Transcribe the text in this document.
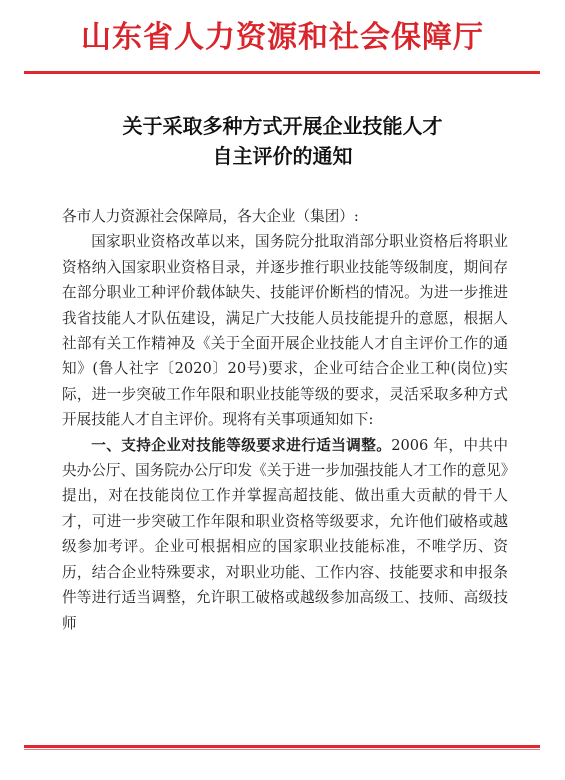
山东省人力资源和社会保障厅
关于采取多种方式开展企业技能人才
自主评价的通知

各市人力资源社会保障局，各大企业（集团）:

国家职业资格改革以来，国务院分批取消部分职业资格后将职业资格纳入国家职业资格目录，并逐步推行职业技能等级制度，期间存在部分职业工种评价载体缺失、技能评价断档的情况。为进一步推进我省技能人才队伍建设，满足广大技能人员技能提升的意愿，根据人社部有关工作精神及《关于全面开展企业技能人才自主评价工作的通知》(鲁人社字〔2020〕20号)要求，企业可结合企业工种(岗位)实际，进一步突破工作年限和职业技能等级的要求，灵活采取多种方式开展技能人才自主评价。现将有关事项通知如下:

一、支持企业对技能等级要求进行适当调整。2006 年，中共中央办公厅、国务院办公厅印发《关于进一步加强技能人才工作的意见》提出，对在技能岗位工作并掌握高超技能、做出重大贡献的骨干人才，可进一步突破工作年限和职业资格等级要求，允许他们破格或越级参加考评。企业可根据相应的国家职业技能标准，不唯学历、资历，结合企业特殊要求，对职业功能、工作内容、技能要求和申报条件等进行适当调整，允许职工破格或越级参加高级工、技师、高级技师
